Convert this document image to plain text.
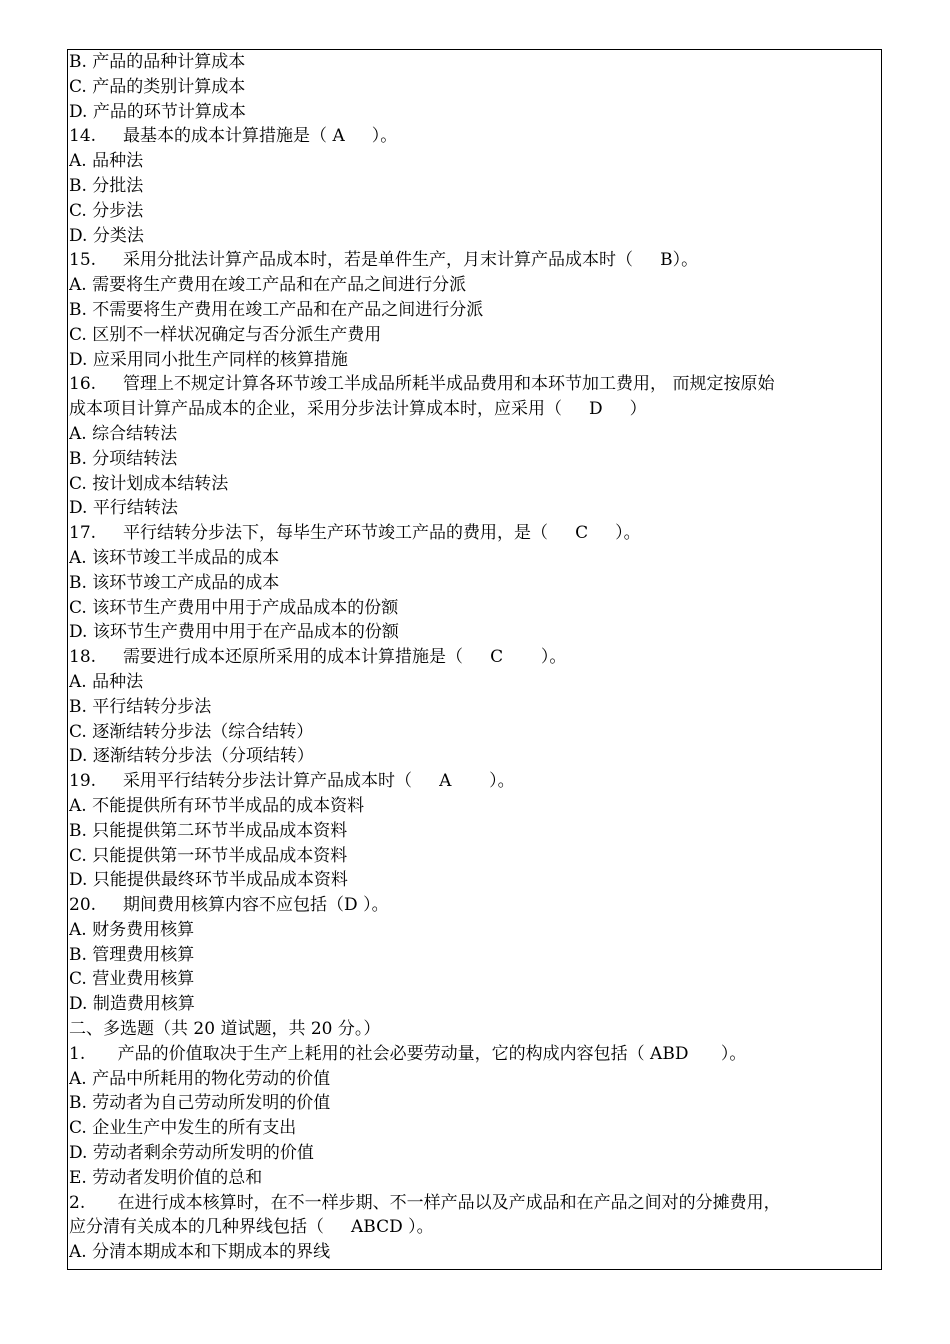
B. 产品的品种计算成本
C. 产品的类别计算成本
D. 产品的环节计算成本
14.     最基本的成本计算措施是（ A     ）。
A. 品种法
B. 分批法
C. 分步法
D. 分类法
15.     采用分批法计算产品成本时，若是单件生产，月末计算产品成本时（     B）。
A. 需要将生产费用在竣工产品和在产品之间进行分派
B. 不需要将生产费用在竣工产品和在产品之间进行分派
C. 区别不一样状况确定与否分派生产费用
D. 应采用同小批生产同样的核算措施
16.     管理上不规定计算各环节竣工半成品所耗半成品费用和本环节加工费用， 而规定按原始
成本项目计算产品成本的企业，采用分步法计算成本时，应采用（     D     ）
A. 综合结转法
B. 分项结转法
C. 按计划成本结转法
D. 平行结转法
17.     平行结转分步法下，每毕生产环节竣工产品的费用，是（     C     ）。
A. 该环节竣工半成品的成本
B. 该环节竣工产成品的成本
C. 该环节生产费用中用于产成品成本的份额
D. 该环节生产费用中用于在产品成本的份额
18.     需要进行成本还原所采用的成本计算措施是（     C       ）。
A. 品种法
B. 平行结转分步法
C. 逐渐结转分步法（综合结转）
D. 逐渐结转分步法（分项结转）
19.     采用平行结转分步法计算产品成本时（     A       ）。
A. 不能提供所有环节半成品的成本资料
B. 只能提供第二环节半成品成本资料
C. 只能提供第一环节半成品成本资料
D. 只能提供最终环节半成品成本资料
20.     期间费用核算内容不应包括（D ）。
A. 财务费用核算
B. 管理费用核算
C. 营业费用核算
D. 制造费用核算
二、多选题（共 20 道试题，共 20 分。）
1.      产品的价值取决于生产上耗用的社会必要劳动量，它的构成内容包括（ ABD      ）。
A. 产品中所耗用的物化劳动的价值
B. 劳动者为自己劳动所发明的价值
C. 企业生产中发生的所有支出
D. 劳动者剩余劳动所发明的价值
E. 劳动者发明价值的总和
2.      在进行成本核算时，在不一样步期、不一样产品以及产成品和在产品之间对的分摊费用，
应分清有关成本的几种界线包括（     ABCD ）。
A. 分清本期成本和下期成本的界线
